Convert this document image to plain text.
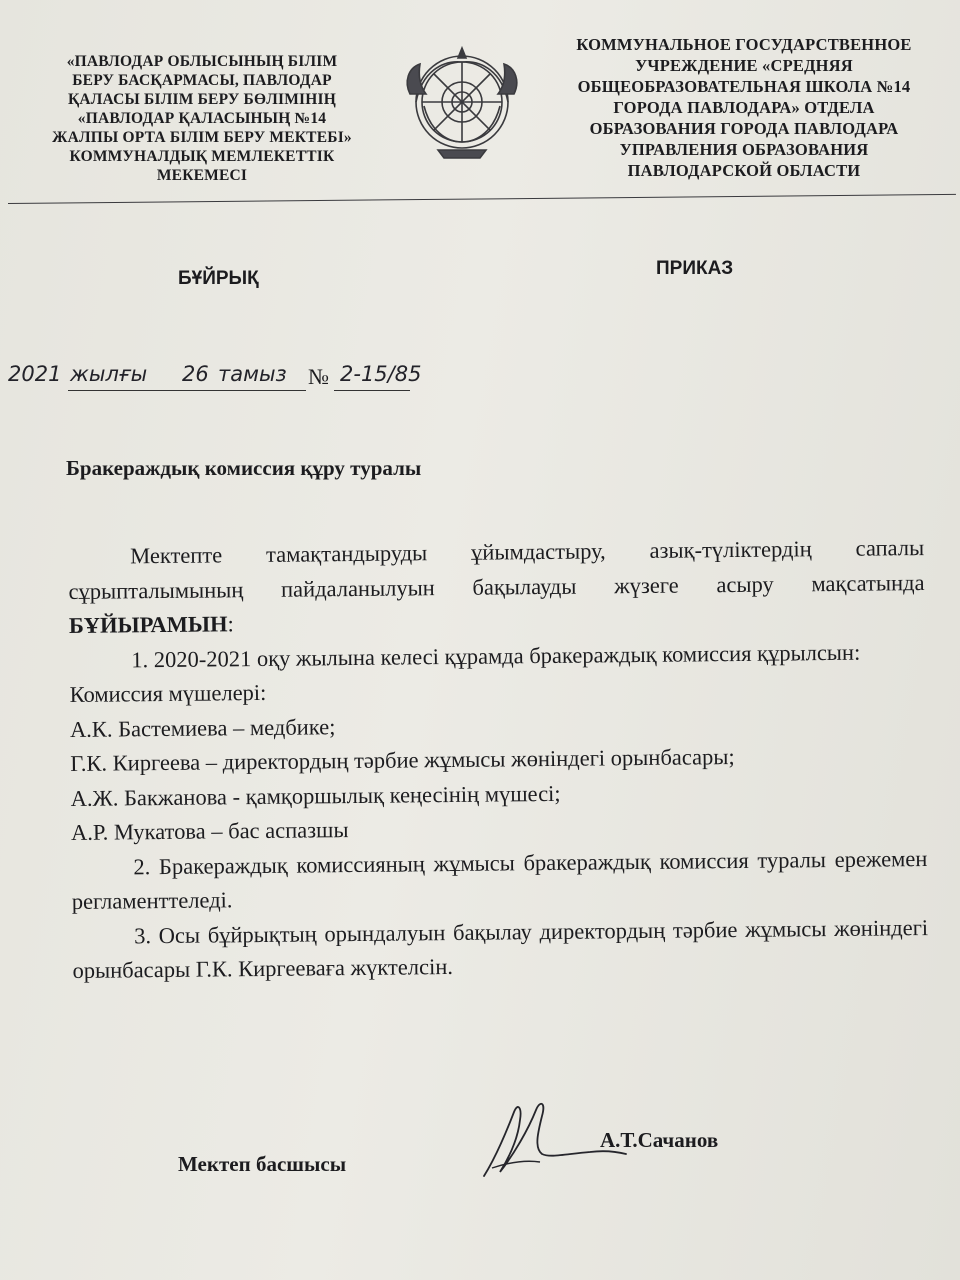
«ПАВЛОДАР ОБЛЫСЫНЫҢ БІЛІМ
БЕРУ БАСҚАРМАСЫ, ПАВЛОДАР
ҚАЛАСЫ БІЛІМ БЕРУ БӨЛІМІНІҢ
«ПАВЛОДАР ҚАЛАСЫНЫҢ №14
ЖАЛПЫ ОРТА БІЛІМ БЕРУ МЕКТЕБІ»
КОММУНАЛДЫҚ МЕМЛЕКЕТТІК
МЕКЕМЕСІ
КОММУНАЛЬНОЕ ГОСУДАРСТВЕННОЕ
УЧРЕЖДЕНИЕ «СРЕДНЯЯ
ОБЩЕОБРАЗОВАТЕЛЬНАЯ ШКОЛА №14
ГОРОДА ПАВЛОДАРА» ОТДЕЛА
ОБРАЗОВАНИЯ ГОРОДА ПАВЛОДАРА
УПРАВЛЕНИЯ ОБРАЗОВАНИЯ
ПАВЛОДАРСКОЙ ОБЛАСТИ
БҰЙРЫҚ	ПРИКАЗ
2021 жылғы 26 тамыз № 2-15/85
Бракераждық комиссия құру туралы

Мектепте тамақтандыруды ұйымдастыру, азық-түліктердің сапалы сұрыпталымының пайдаланылуын бақылауды жүзеге асыру мақсатында БҰЙЫРАМЫН:

1. 2020-2021 оқу жылына келесі құрамда бракераждық комиссия құрылсын:

Комиссия мүшелері:

А.К. Бастемиева – медбике;

Г.К. Киргеева – директордың тәрбие жұмысы жөніндегі орынбасары;

А.Ж. Бакжанова - қамқоршылық кеңесінің мүшесі;

А.Р. Мукатова – бас аспазшы

2. Бракераждық комиссияның жұмысы бракераждық комиссия туралы ережемен регламенттеледі.

3. Осы бұйрықтың орындалуын бақылау директордың тәрбие жұмысы жөніндегі орынбасары Г.К. Киргееваға жүктелсін.

Мектеп басшысы
А.Т.Сачанов
